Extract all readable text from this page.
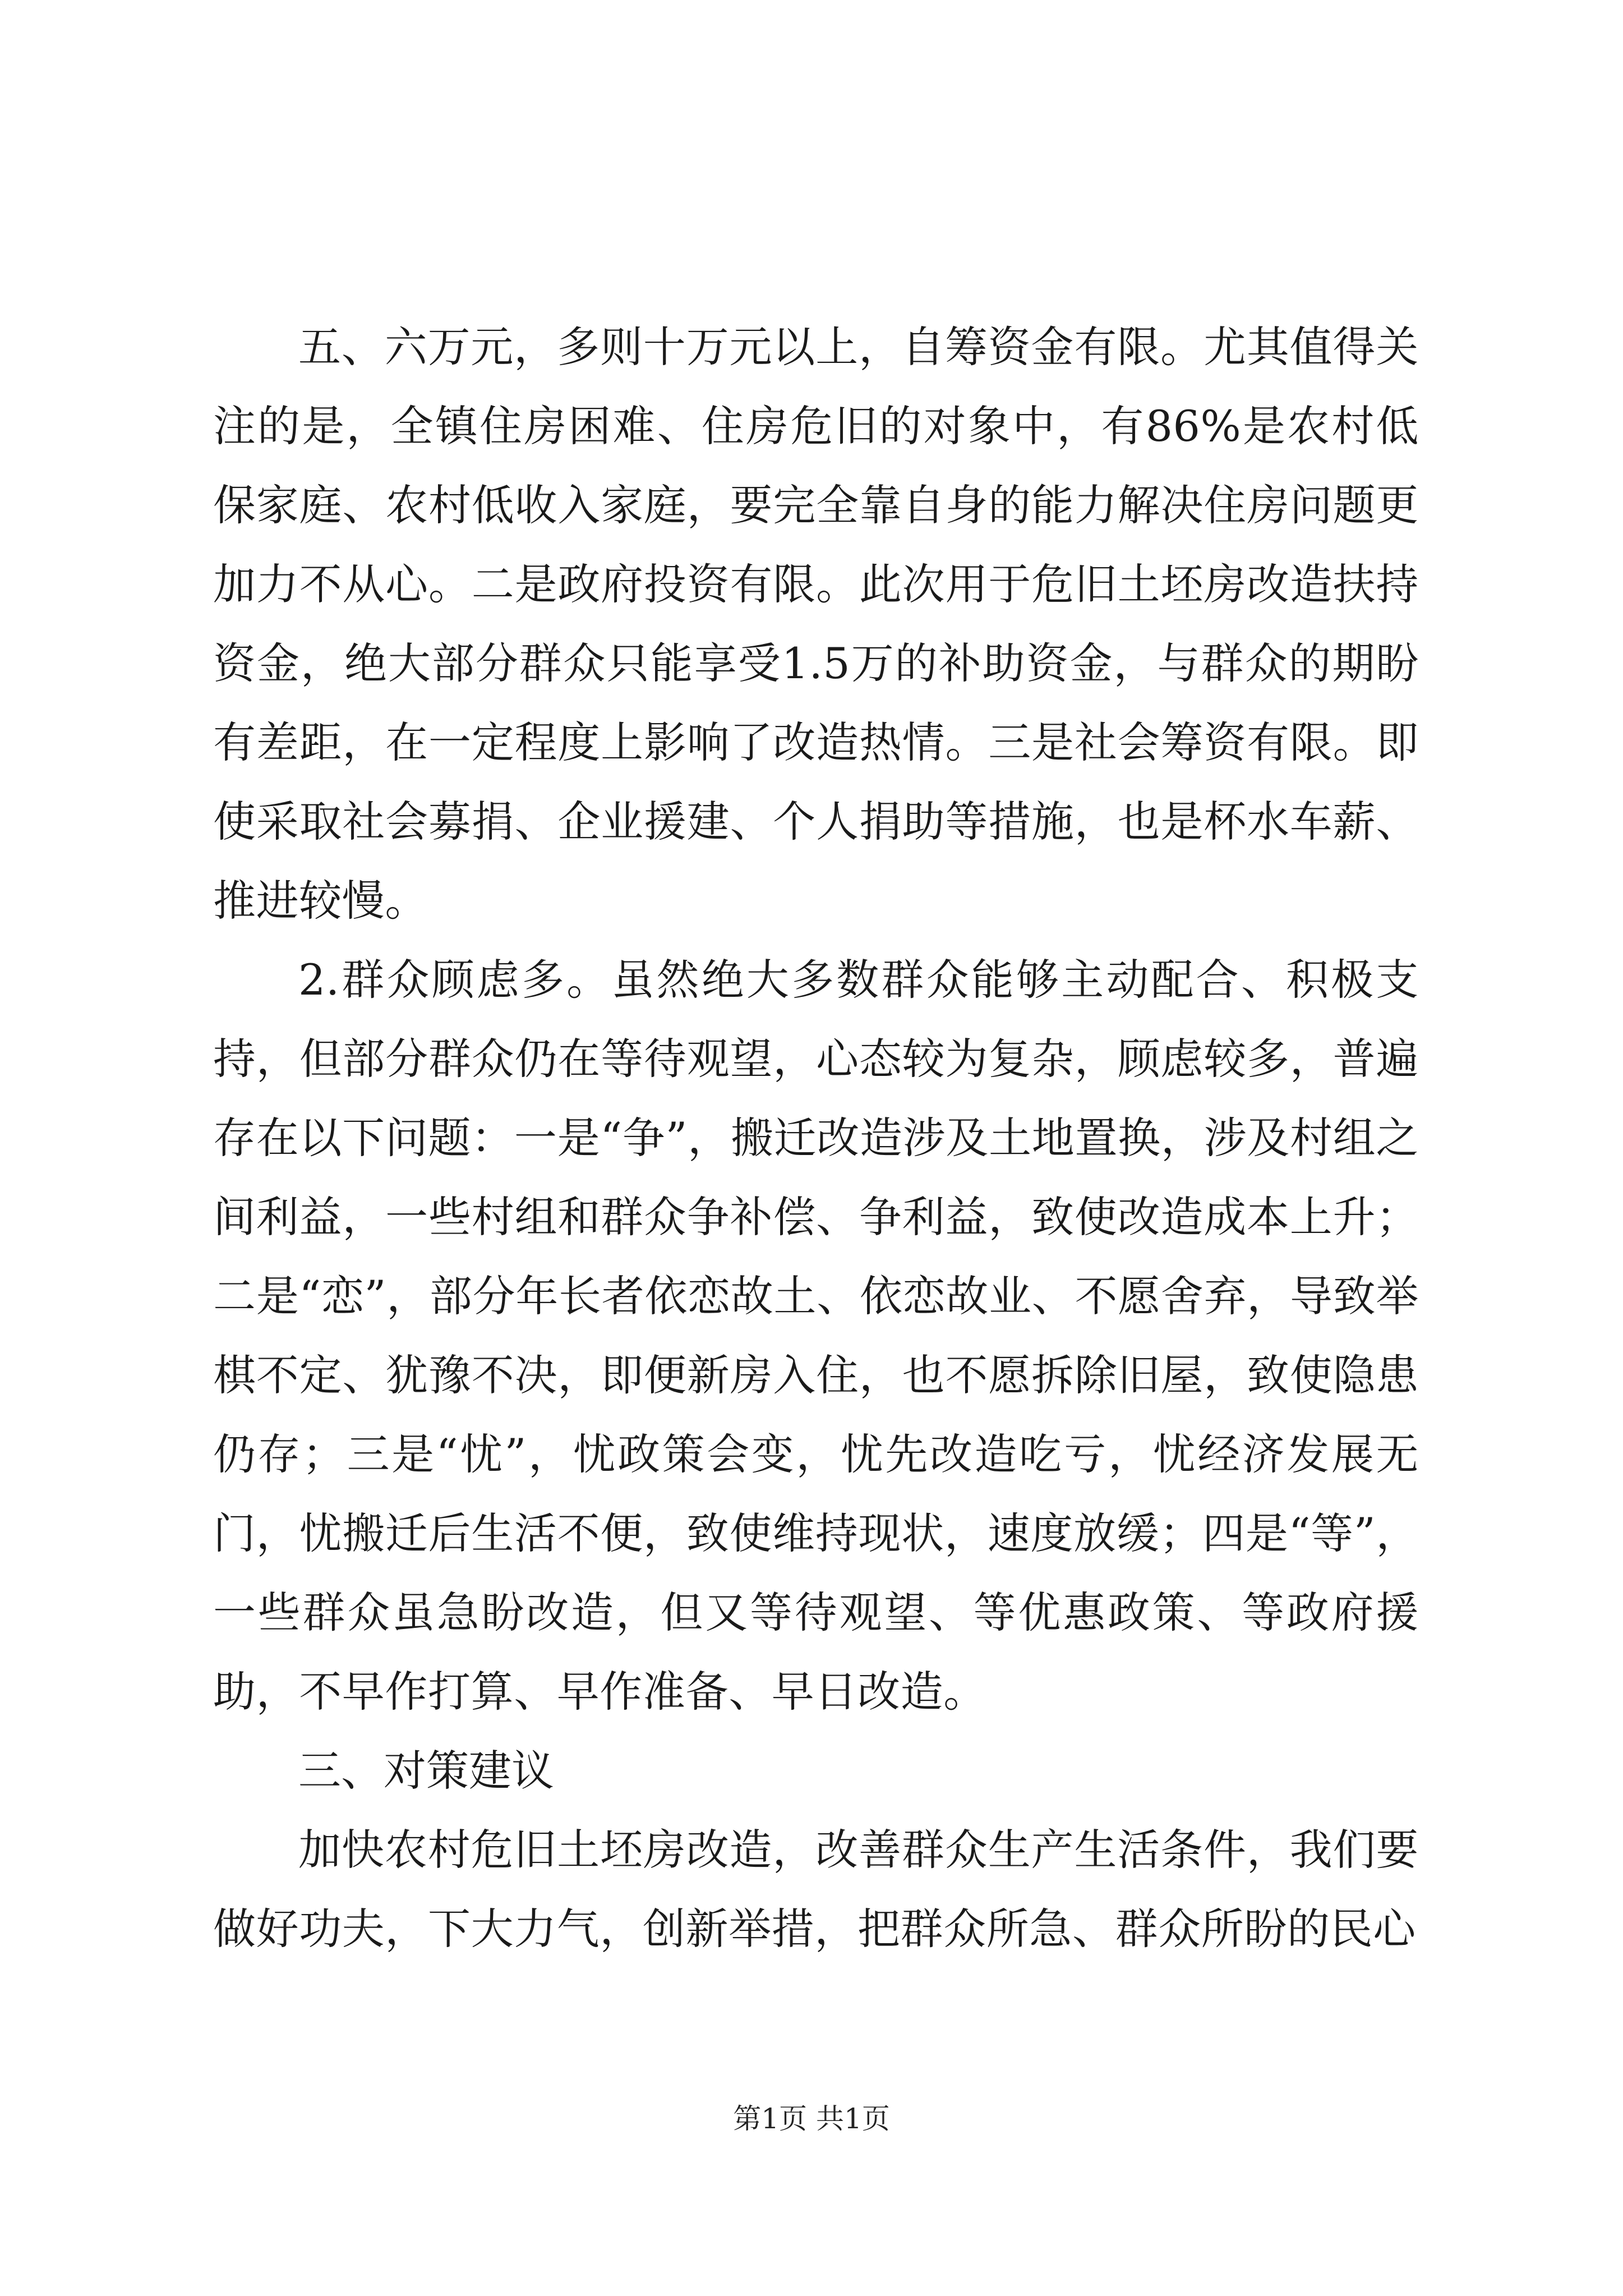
五、六万元，多则十万元以上，自筹资金有限。尤其值得关注的是，全镇住房困难、住房危旧的对象中，有86%是农村低保家庭、农村低收入家庭，要完全靠自身的能力解决住房问题更加力不从心。二是政府投资有限。此次用于危旧土坯房改造扶持资金，绝大部分群众只能享受1.5万的补助资金，与群众的期盼有差距，在一定程度上影响了改造热情。三是社会筹资有限。即使采取社会募捐、企业援建、个人捐助等措施，也是杯水车薪、推进较慢。

2.群众顾虑多。虽然绝大多数群众能够主动配合、积极支持，但部分群众仍在等待观望，心态较为复杂，顾虑较多，普遍存在以下问题：一是“争”，搬迁改造涉及土地置换，涉及村组之间利益，一些村组和群众争补偿、争利益，致使改造成本上升；二是“恋”，部分年长者依恋故土、依恋故业、不愿舍弃，导致举棋不定、犹豫不决，即便新房入住，也不愿拆除旧屋，致使隐患仍存；三是“忧”，忧政策会变，忧先改造吃亏，忧经济发展无门，忧搬迁后生活不便，致使维持现状，速度放缓；四是“等”，一些群众虽急盼改造，但又等待观望、等优惠政策、等政府援助，不早作打算、早作准备、早日改造。

三、对策建议

加快农村危旧土坯房改造，改善群众生产生活条件，我们要做好功夫，下大力气，创新举措，把群众所急、群众所盼的民心

第1页 共1页
